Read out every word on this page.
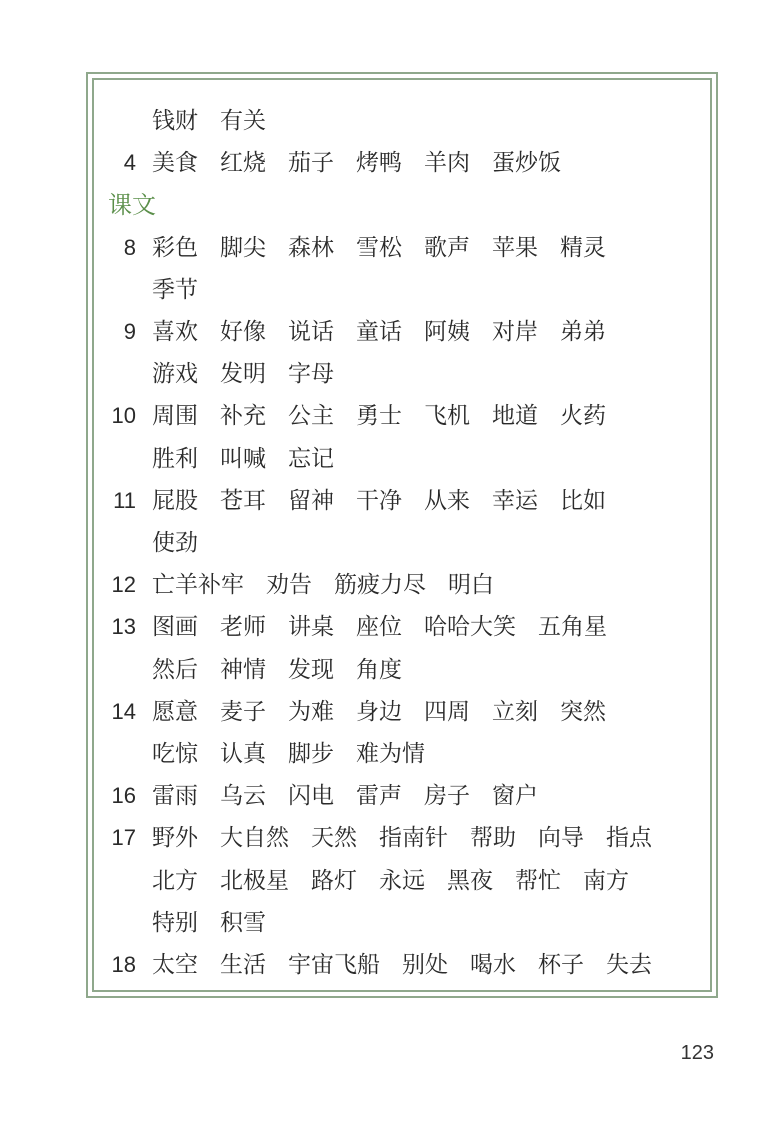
钱财 有关
4 美食 红烧 茄子 烤鸭 羊肉 蛋炒饭
课文
8 彩色 脚尖 森林 雪松 歌声 苹果 精灵
季节
9 喜欢 好像 说话 童话 阿姨 对岸 弟弟
游戏 发明 字母
10 周围 补充 公主 勇士 飞机 地道 火药
胜利 叫喊 忘记
11 屁股 苍耳 留神 干净 从来 幸运 比如
使劲
12 亡羊补牢 劝告 筋疲力尽 明白
13 图画 老师 讲桌 座位 哈哈大笑 五角星
然后 神情 发现 角度
14 愿意 麦子 为难 身边 四周 立刻 突然
吃惊 认真 脚步 难为情
16 雷雨 乌云 闪电 雷声 房子 窗户
17 野外 大自然 天然 指南针 帮助 向导 指点
北方 北极星 路灯 永远 黑夜 帮忙 南方
特别 积雪
18 太空 生活 宇宙飞船 别处 喝水 杯子 失去
123
